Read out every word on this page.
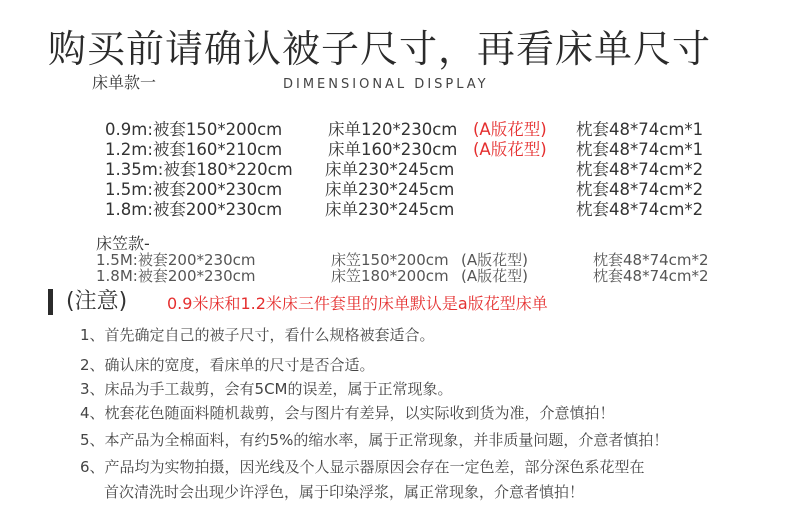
购买前请确认被子尺寸，再看床单尺寸
床单款一	DIMENSIONAL DISPLAY
0.9m:被套150*200cm	床单120*230cm (A版花型) 枕套48*74cm*1
1.2m:被套160*210cm	床单160*230cm (A版花型) 枕套48*74cm*1
1.35m:被套180*220cm 床单230*245cm	枕套48*74cm*2
1.5m:被套200*230cm	床单230*245cm	枕套48*74cm*2
1.8m:被套200*230cm	床单230*245cm	枕套48*74cm*2
床笠款-
1.5M:被套200*230cm	床笠150*200cm (A版花型)	枕套48*74cm*2
1.8M:被套200*230cm	床笠180*200cm (A版花型)	枕套48*74cm*2
(注意) 0.9米床和1.2米床三件套里的床单默认是a版花型床单
1、首先确定自己的被子尺寸，看什么规格被套适合。
2、确认床的宽度，看床单的尺寸是否合适。
3、床品为手工裁剪，会有5CM的误差，属于正常现象。
4、枕套花色随面料随机裁剪，会与图片有差异，以实际收到货为准，介意慎拍！
5、本产品为全棉面料，有约5%的缩水率，属于正常现象，并非质量问题，介意者慎拍！
6、产品均为实物拍摄，因光线及个人显示器原因会存在一定色差，部分深色系花型在
首次清洗时会出现少许浮色，属于印染浮浆，属正常现象，介意者慎拍！
